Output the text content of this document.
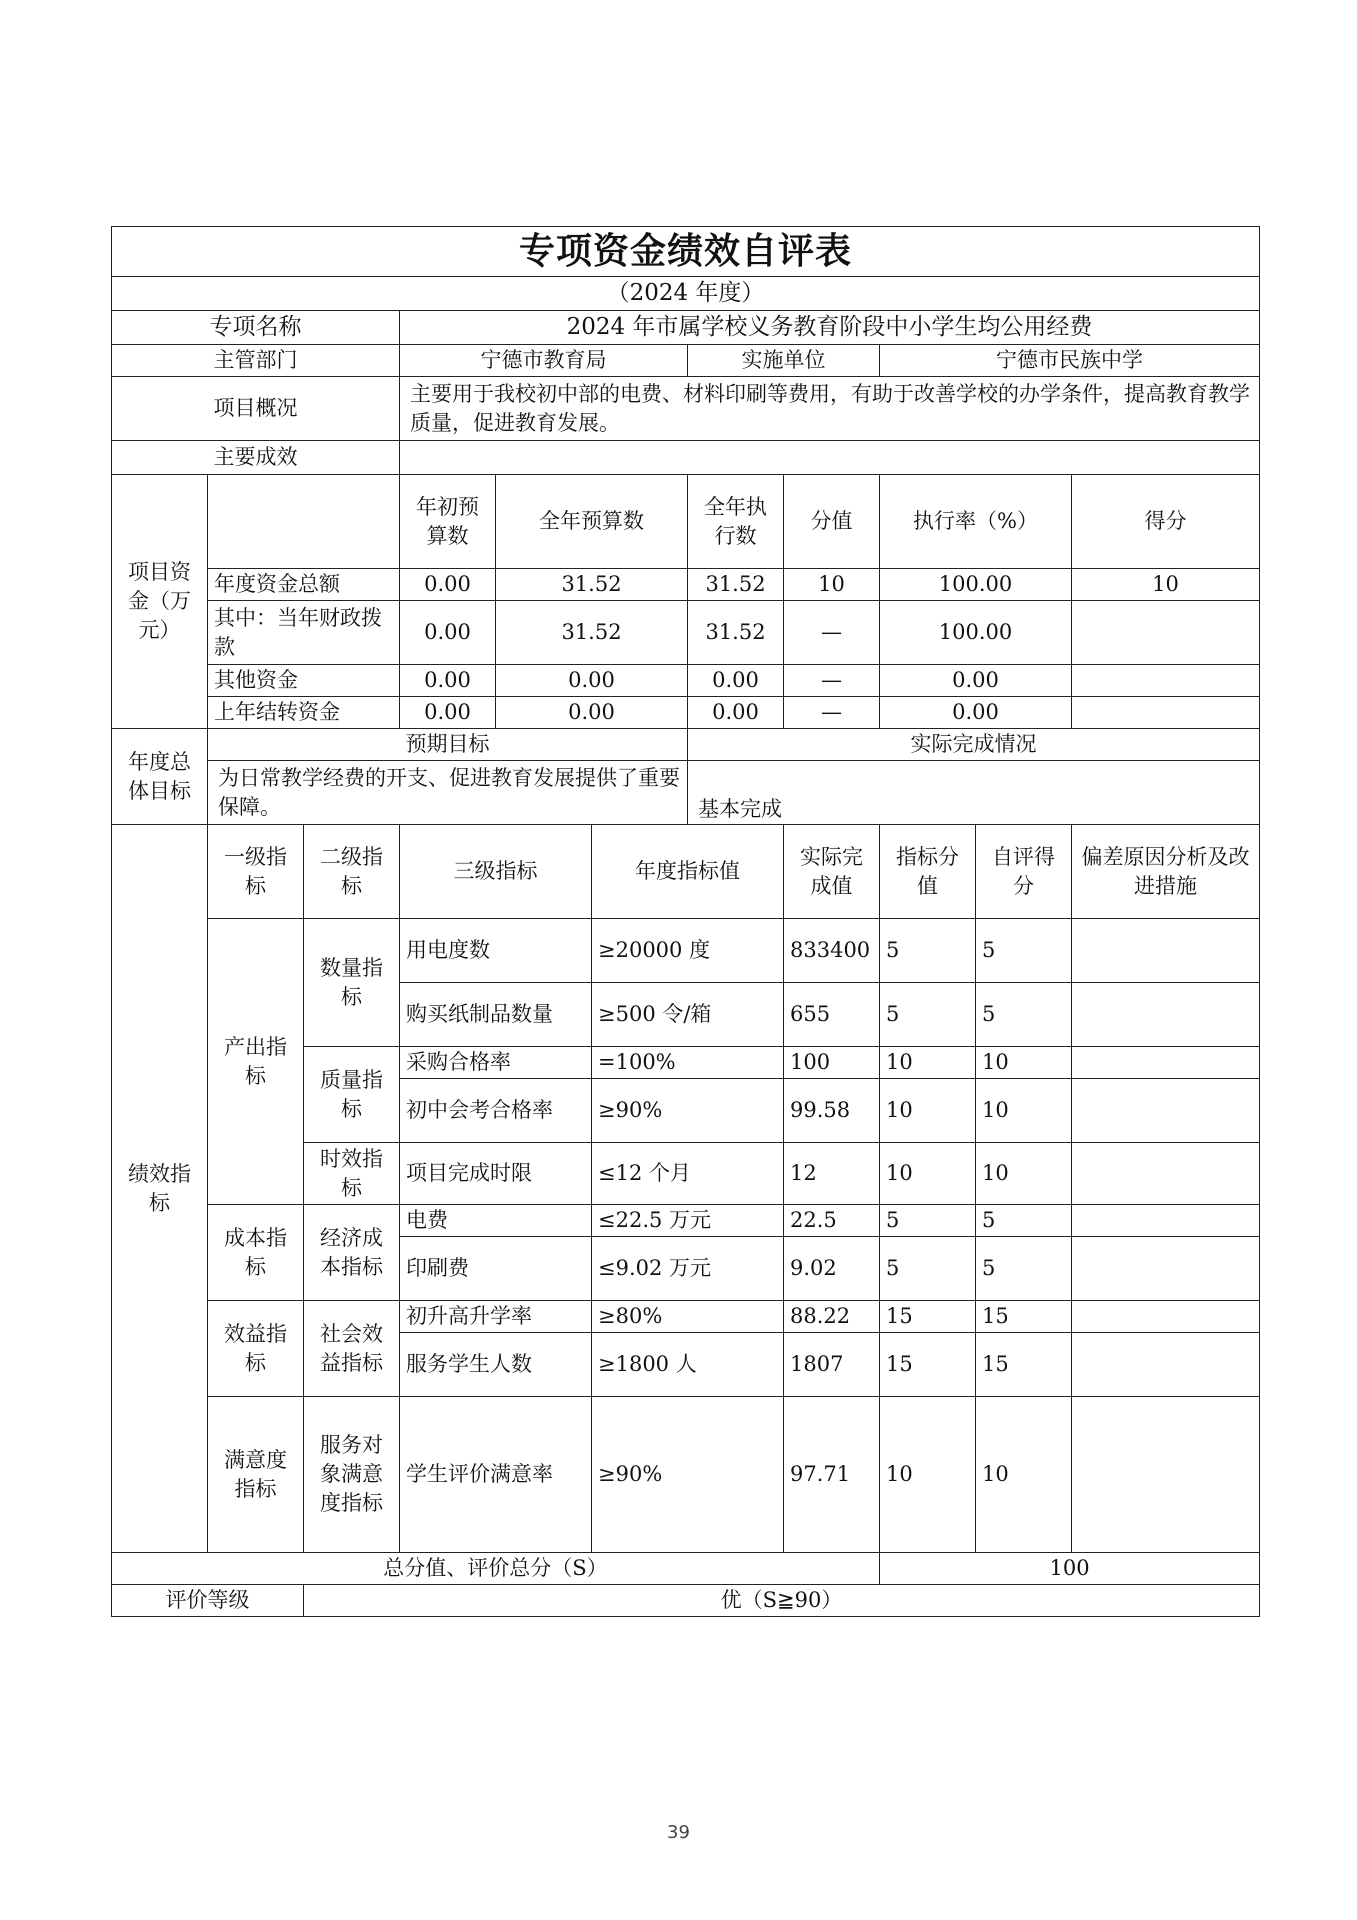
专项资金绩效自评表										
（2024 年度）										
专项名称			2024 年市属学校义务教育阶段中小学生均公用经费							
主管部门			宁德市教育局			实施单位		宁德市民族中学		
项目概况			主要用于我校初中部的电费、材料印刷等费用，有助于改善学校的办学条件，提高教育教学质量，促进教育发展。							
主要成效										
项目资金（万元）			年初预算数	全年预算数		全年执行数	分值	执行率（%）		得分
	年度资金总额		0.00	31.52		31.52	10	100.00		10
	其中：当年财政拨款		0.00	31.52		31.52	—	100.00		
	其他资金		0.00	0.00		0.00	—	0.00		
	上年结转资金		0.00	0.00		0.00	—	0.00		
年度总体目标	预期目标					实际完成情况				
	为日常教学经费的开支、促进教育发展提供了重要保障。					基本完成				
绩效指标	一级指标	二级指标	三级指标		年度指标值		实际完成值	指标分值	自评得分	偏差原因分析及改进措施
	产出指标	数量指标	用电度数		≥20000 度		833400	5	5	
			购买纸制品数量		≥500 令/箱		655	5	5	
		质量指标	采购合格率		=100%		100	10	10	
			初中会考合格率		≥90%		99.58	10	10	
		时效指标	项目完成时限		≤12 个月		12	10	10	
	成本指标	经济成本指标	电费		≤22.5 万元		22.5	5	5	
			印刷费		≤9.02 万元		9.02	5	5	
	效益指标	社会效益指标	初升高升学率		≥80%		88.22	15	15	
			服务学生人数		≥1800 人		1807	15	15	
	满意度指标	服务对象满意度指标	学生评价满意率		≥90%		97.71	10	10	
总分值、评价总分（S）								100		
评价等级		优（S≧90）								
39
